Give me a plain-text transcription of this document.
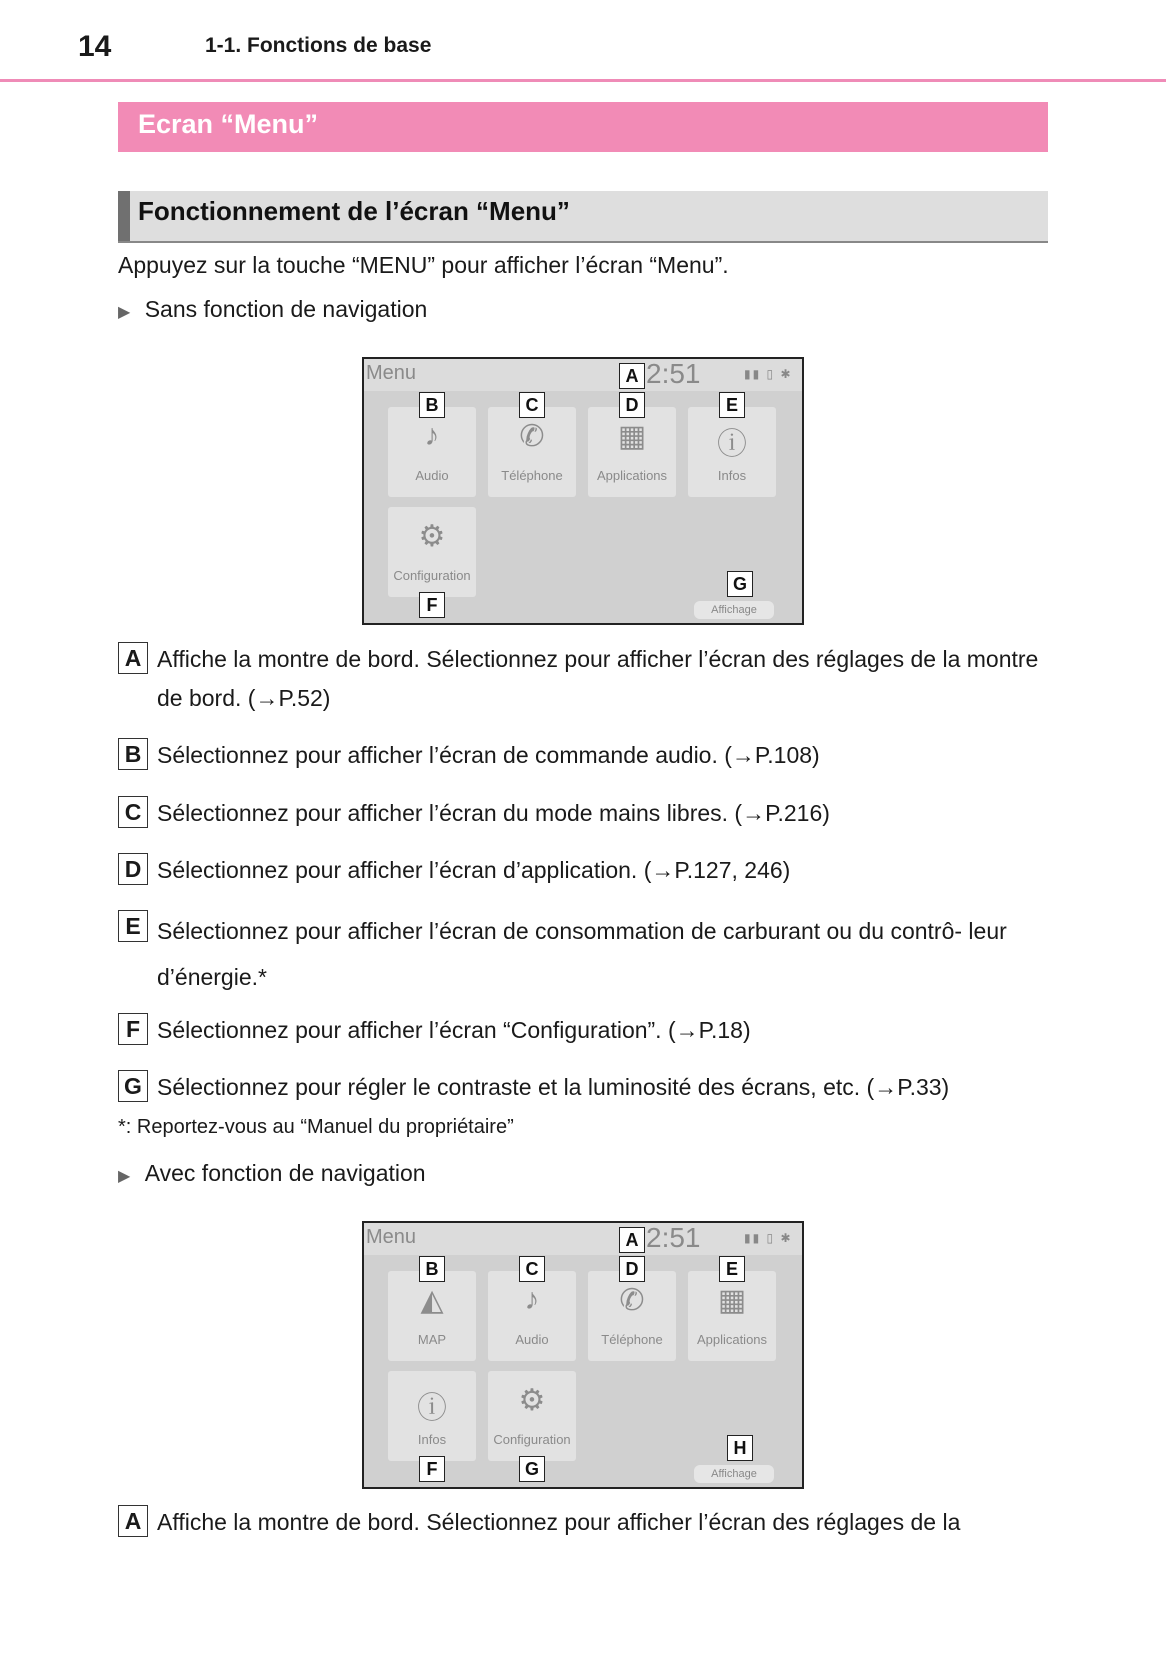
14	1-1. Fonctions de base
Ecran “Menu”
Fonctionnement de l’écran “Menu”
Appuyez sur la touche “MENU” pour afficher l’écran “Menu”.
▶ Sans fonction de navigation
Menu	A 2:51	▮▮ ▯ ✱
♪
Audio
✆
Téléphone
▦
Applications
ⓘ
Infos
⚙
Configuration
B	C	D	E
F
G
Affichage
A Affiche la montre de bord. Sélectionnez pour afficher l’écran des réglages de la montre de bord. (→P.52)
B Sélectionnez pour afficher l’écran de commande audio. (→P.108)
C Sélectionnez pour afficher l’écran du mode mains libres. (→P.216)
D Sélectionnez pour afficher l’écran d’application. (→P.127, 246)
E Sélectionnez pour afficher l’écran de consommation de carburant ou du contrô- leur d’énergie.*
F Sélectionnez pour afficher l’écran “Configuration”. (→P.18)
G Sélectionnez pour régler le contraste et la luminosité des écrans, etc. (→P.33)
*: Reportez-vous au “Manuel du propriétaire”
▶ Avec fonction de navigation
Menu	A 2:51	▮▮ ▯ ✱
◭
MAP
♪
Audio
✆
Téléphone
▦
Applications
ⓘ
Infos
⚙
Configuration
B	C	D	E
F	G
H
Affichage
A Affiche la montre de bord. Sélectionnez pour afficher l’écran des réglages de la
